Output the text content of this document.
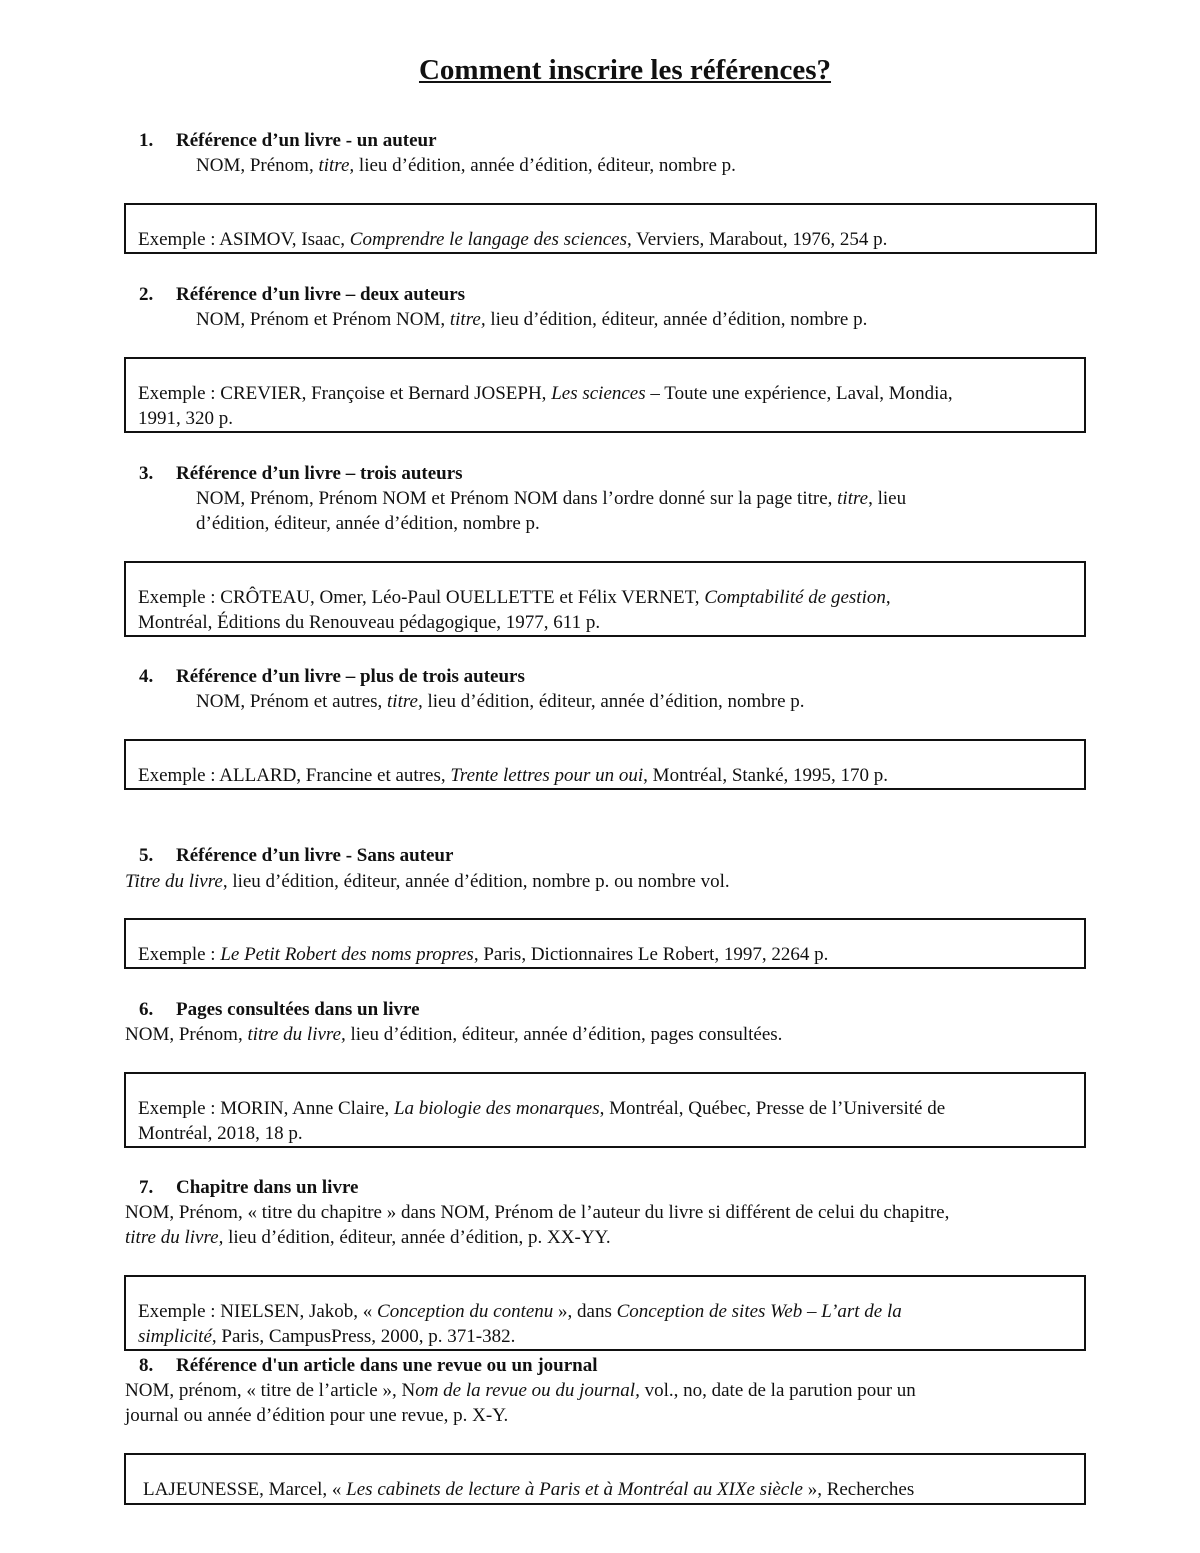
Comment inscrire les références?
1. Référence d’un livre - un auteur
NOM, Prénom, titre, lieu d’édition, année d’édition, éditeur, nombre p.
Exemple : ASIMOV, Isaac, Comprendre le langage des sciences, Verviers, Marabout, 1976, 254 p.
2. Référence d’un livre – deux auteurs
NOM, Prénom et Prénom NOM, titre, lieu d’édition, éditeur, année d’édition, nombre p.
Exemple : CREVIER, Françoise et Bernard JOSEPH, Les sciences – Toute une expérience, Laval, Mondia,
1991, 320 p.
3. Référence d’un livre – trois auteurs
NOM, Prénom, Prénom NOM et Prénom NOM dans l’ordre donné sur la page titre, titre, lieu
d’édition, éditeur, année d’édition, nombre p.
Exemple : CRÔTEAU, Omer, Léo-Paul OUELLETTE et Félix VERNET, Comptabilité de gestion,
Montréal, Éditions du Renouveau pédagogique, 1977, 611 p.
4. Référence d’un livre – plus de trois auteurs
NOM, Prénom et autres, titre, lieu d’édition, éditeur, année d’édition, nombre p.
Exemple : ALLARD, Francine et autres, Trente lettres pour un oui, Montréal, Stanké, 1995, 170 p.
5. Référence d’un livre - Sans auteur
Titre du livre, lieu d’édition, éditeur, année d’édition, nombre p. ou nombre vol.
Exemple : Le Petit Robert des noms propres, Paris, Dictionnaires Le Robert, 1997, 2264 p.
6. Pages consultées dans un livre
NOM, Prénom, titre du livre, lieu d’édition, éditeur, année d’édition, pages consultées.
Exemple : MORIN, Anne Claire, La biologie des monarques, Montréal, Québec, Presse de l’Université de
Montréal, 2018, 18 p.
7. Chapitre dans un livre
NOM, Prénom, « titre du chapitre » dans NOM, Prénom de l’auteur du livre si différent de celui du chapitre,
titre du livre, lieu d’édition, éditeur, année d’édition, p. XX-YY.
Exemple : NIELSEN, Jakob, « Conception du contenu », dans Conception de sites Web – L’art de la
simplicité, Paris, CampusPress, 2000, p. 371-382.
8. Référence d'un article dans une revue ou un journal
NOM, prénom, « titre de l’article », Nom de la revue ou du journal, vol., no, date de la parution pour un
journal ou année d’édition pour une revue, p. X-Y.
LAJEUNESSE, Marcel, « Les cabinets de lecture à Paris et à Montréal au XIXe siècle », Recherches
